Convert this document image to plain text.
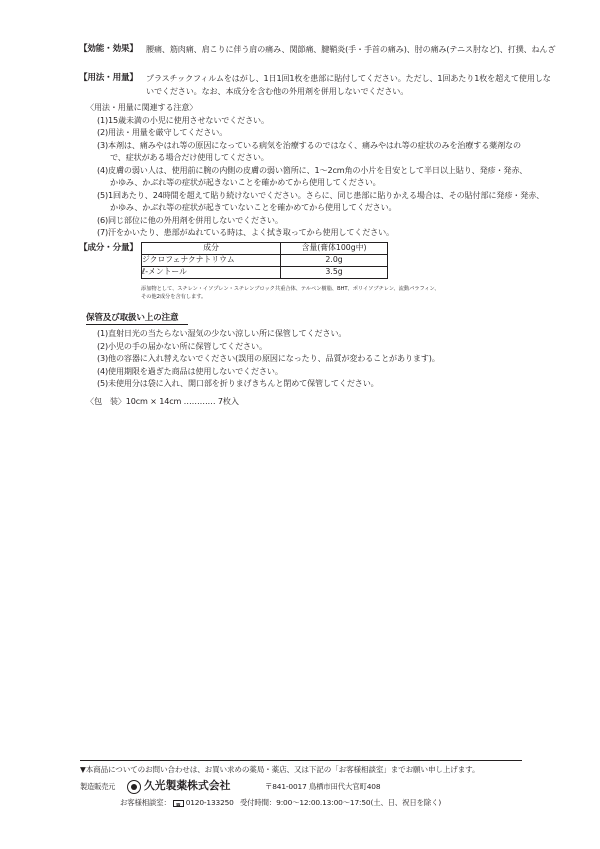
【効能・効果】 腰痛、筋肉痛、肩こりに伴う肩の痛み、関節痛、腱鞘炎(手・手首の痛み)、肘の痛み(テニス肘など)、打撲、ねんざ
【用法・用量】 プラスチックフィルムをはがし、1日1回1枚を患部に貼付してください。ただし、1回あたり1枚を超えて使用しな
いでください。なお、本成分を含む他の外用剤を併用しないでください。
〈用法・用量に関連する注意〉
(1)15歳未満の小児に使用させないでください。
(2)用法・用量を厳守してください。
(3)本剤は、痛みやはれ等の原因になっている病気を治療するのではなく、痛みやはれ等の症状のみを治療する薬剤なの
で、症状がある場合だけ使用してください。
(4)皮膚の弱い人は、使用前に腕の内側の皮膚の弱い箇所に、1～2cm角の小片を目安として半日以上貼り、発疹・発赤、
かゆみ、かぶれ等の症状が起きないことを確かめてから使用してください。
(5)1回あたり、24時間を超えて貼り続けないでください。さらに、同じ患部に貼りかえる場合は、その貼付部に発疹・発赤、
かゆみ、かぶれ等の症状が起きていないことを確かめてから使用してください。
(6)同じ部位に他の外用剤を併用しないでください。
(7)汗をかいたり、患部がぬれている時は、よく拭き取ってから使用してください。
【成分・分量】	成分	含量(膏体100g中)
ジクロフェナクナトリウム	2.0g
ℓ-メントール	3.5g
添加物として、スチレン・イソプレン・スチレンブロック共重合体、テルペン樹脂、BHT、ポリイソブチレン、流動パラフィン、
その他2成分を含有します。
保管及び取扱い上の注意
(1)直射日光の当たらない湿気の少ない涼しい所に保管してください。
(2)小児の手の届かない所に保管してください。
(3)他の容器に入れ替えないでください(誤用の原因になったり、品質が変わることがあります)。
(4)使用期限を過ぎた商品は使用しないでください。
(5)未使用分は袋に入れ、開口部を折りまげきちんと閉めて保管してください。
〈包　装〉10cm × 14cm ………… 7枚入
▼本商品についてのお問い合わせは、お買い求めの薬局・薬店、又は下記の「お客様相談室」までお願い申し上げます。
製造販売元	久光製薬株式会社	〒841-0017 鳥栖市田代大官町408
お客様相談室： ☎ 0120-133250 受付時間：9:00～12:00.13:00～17:50(土、日、祝日を除く)
